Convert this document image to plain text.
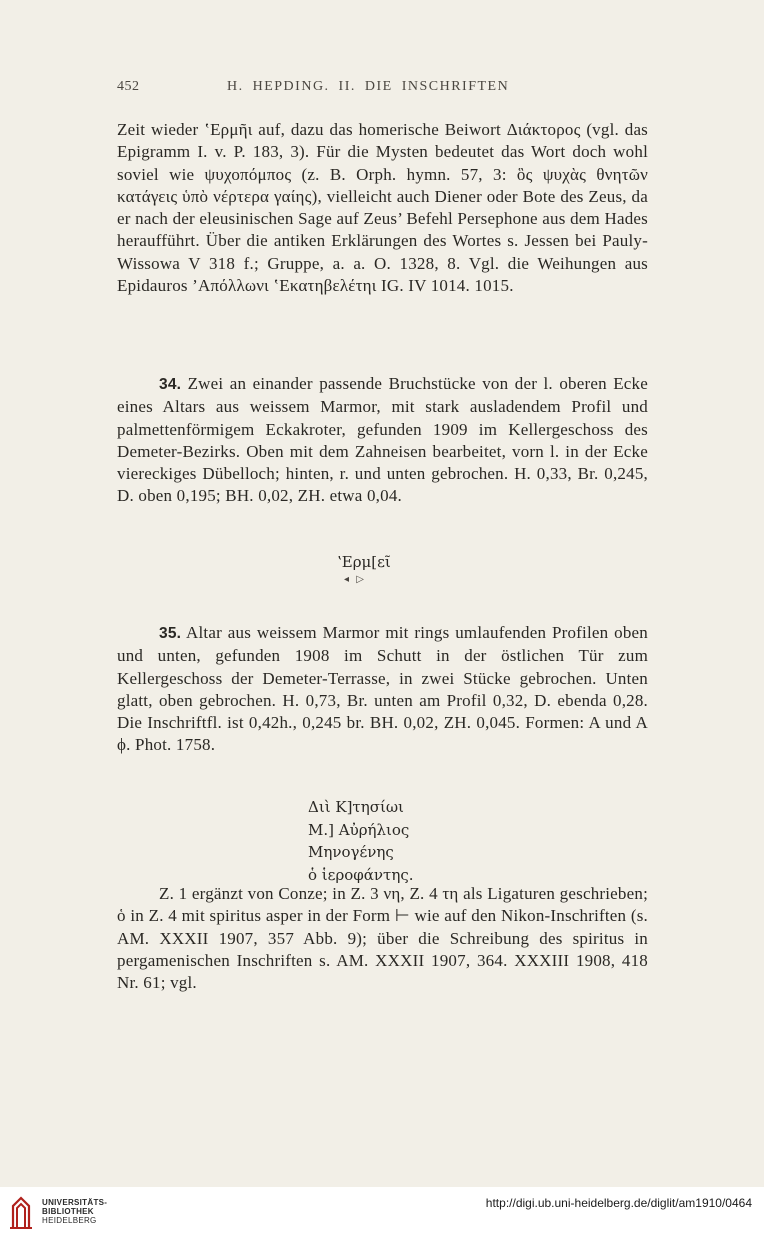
452	H. HEPDING. II. DIE INSCHRIFTEN
Zeit wieder ʽΕρμῆι auf, dazu das homerische Beiwort Διάκτορος (vgl. das Epigramm I. v. P. 183, 3). Für die Mysten bedeutet das Wort doch wohl soviel wie ψυχοπόμπος (z. B. Orph. hymn. 57, 3: ὃς ψυχὰς θνητῶν κατάγεις ὑπὸ νέρτερα γαίης), vielleicht auch Diener oder Bote des Zeus, da er nach der eleusinischen Sage auf Zeus’ Befehl Persephone aus dem Hades heraufführt. Über die antiken Erklärungen des Wortes s. Jessen bei Pauly-Wissowa V 318 f.; Gruppe, a. a. O. 1328, 8. Vgl. die Weihungen aus Epidauros ’Απόλλωνι ʽΕκατηβελέτηι IG. IV 1014. 1015.
34. Zwei an einander passende Bruchstücke von der l. oberen Ecke eines Altars aus weissem Marmor, mit stark ausladendem Profil und palmettenförmigem Eckakroter, gefunden 1909 im Kellergeschoss des Demeter-Bezirks. Oben mit dem Zahneisen bearbeitet, vorn l. in der Ecke viereckiges Dübelloch; hinten, r. und unten gebrochen. H. 0,33, Br. 0,245, D. oben 0,195; BH. 0,02, ZH. etwa 0,04.
ʽΕρμ[εῖ
◂ ▷
35. Altar aus weissem Marmor mit rings umlaufenden Profilen oben und unten, gefunden 1908 im Schutt in der östlichen Tür zum Kellergeschoss der Demeter-Terrasse, in zwei Stücke gebrochen. Unten glatt, oben gebrochen. H. 0,73, Br. unten am Profil 0,32, D. ebenda 0,28. Die Inschriftfl. ist 0,42h., 0,245 br. BH. 0,02, ZH. 0,045. Formen: A und A ϕ. Phot. 1758.
Διὶ Κ]τησίωι
Μ.] Αὐρήλιος
Μηνογένης
ὁ ἱεροφάντης.
Z. 1 ergänzt von Conze; in Z. 3 νη, Z. 4 τη als Ligaturen geschrieben; ὁ in Z. 4 mit spiritus asper in der Form ⊢ wie auf den Nikon-Inschriften (s. AM. XXXII 1907, 357 Abb. 9); über die Schreibung des spiritus in pergamenischen Inschriften s. AM. XXXII 1907, 364. XXXIII 1908, 418 Nr. 61; vgl.
UNIVERSITÄTS-
BIBLIOTHEK
HEIDELBERG
http://digi.ub.uni-heidelberg.de/diglit/am1910/0464
